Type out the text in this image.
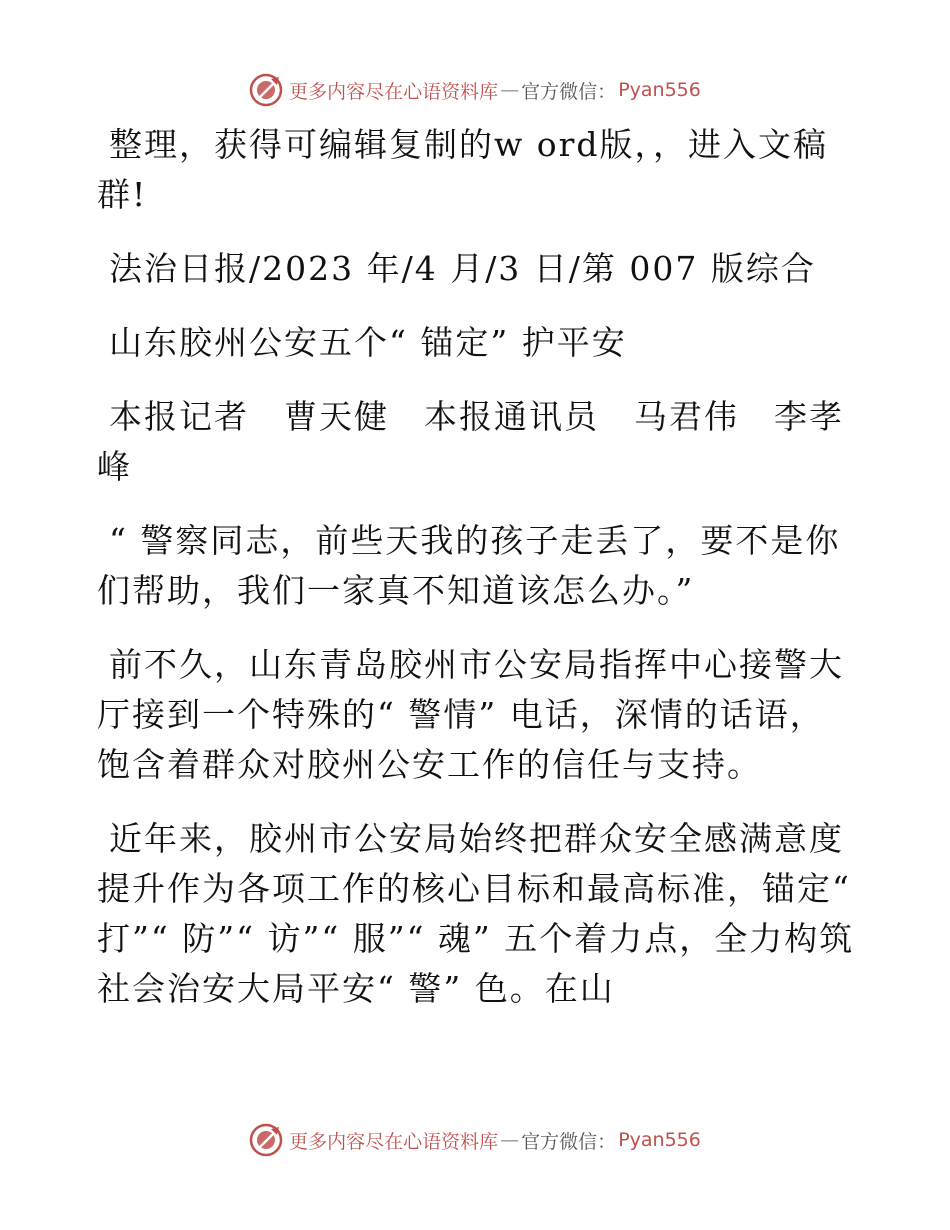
更多内容尽在心语资料库 — 官方微信： Pyan556

整理，获得可编辑复制的w ord版，，进入文稿群!

法治日报/2023 年/4 月/3 日/第 007 版综合

山东胶州公安五个“ 锚定” 护平安

本报记者　曹天健　本报通讯员　马君伟　李孝峰

“ 警察同志，前些天我的孩子走丢了，要不是你们帮助，我们一家真不知道该怎么办。”

前不久，山东青岛胶州市公安局指挥中心接警大厅接到一个特殊的“ 警情” 电话，深情的话语，饱含着群众对胶州公安工作的信任与支持。

近年来，胶州市公安局始终把群众安全感满意度提升作为各项工作的核心目标和最高标准，锚定“ 打”“ 防”“ 访”“ 服”“ 魂” 五个着力点，全力构筑社会治安大局平安“ 警” 色。在山

更多内容尽在心语资料库 — 官方微信： Pyan556
